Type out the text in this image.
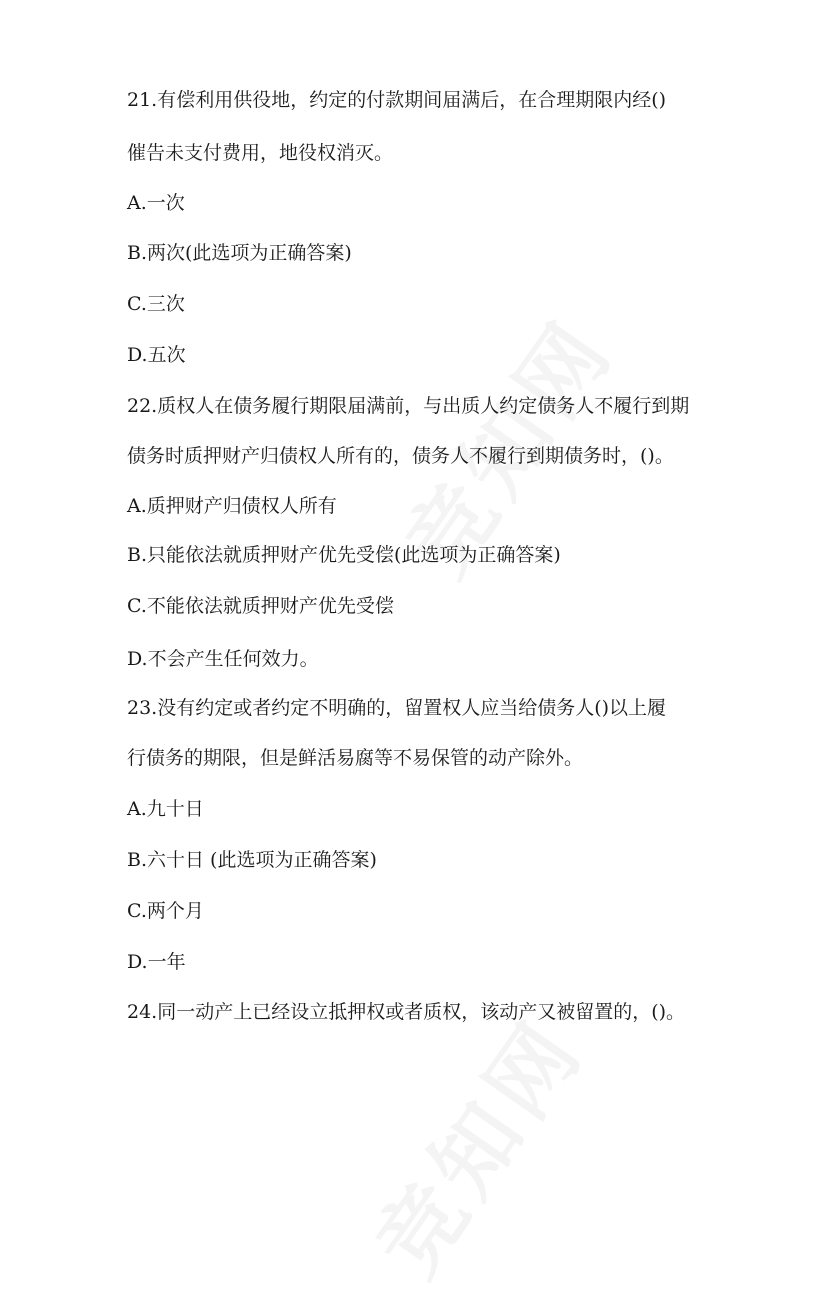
21.有偿利用供役地，约定的付款期间届满后，在合理期限内经()
催告未支付费用，地役权消灭。
A.一次
B.两次(此选项为正确答案)
C.三次
D.五次
22.质权人在债务履行期限届满前，与出质人约定债务人不履行到期
债务时质押财产归债权人所有的，债务人不履行到期债务时，()。
A.质押财产归债权人所有
B.只能依法就质押财产优先受偿(此选项为正确答案)
C.不能依法就质押财产优先受偿
D.不会产生任何效力。
23.没有约定或者约定不明确的，留置权人应当给债务人()以上履
行债务的期限，但是鲜活易腐等不易保管的动产除外。
A.九十日
B.六十日 (此选项为正确答案)
C.两个月
D.一年
24.同一动产上已经设立抵押权或者质权，该动产又被留置的，()。
